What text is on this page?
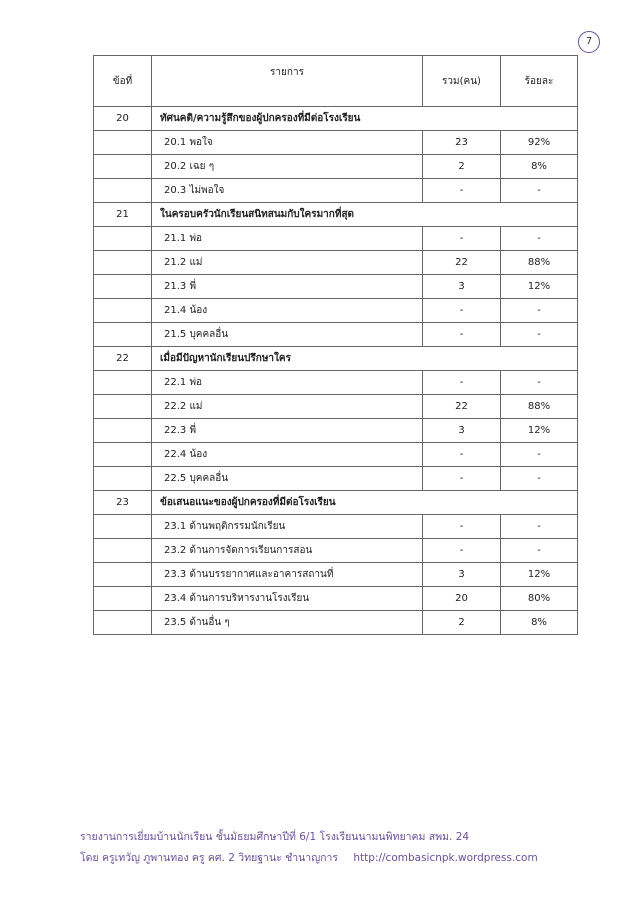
7
ข้อที่	รายการ	รวม(คน)	ร้อยละ
20	ทัศนคติ/ความรู้สึกของผู้ปกครองที่มีต่อโรงเรียน		
	20.1 พอใจ	23	92%
	20.2 เฉย ๆ	2	8%
	20.3 ไม่พอใจ	-	-
21	ในครอบครัวนักเรียนสนิทสนมกับใครมากที่สุด		
	21.1 พ่อ	-	-
	21.2 แม่	22	88%
	21.3 พี่	3	12%
	21.4 น้อง	-	-
	21.5 บุคคลอื่น	-	-
22	เมื่อมีปัญหานักเรียนปรึกษาใคร		
	22.1 พ่อ	-	-
	22.2 แม่	22	88%
	22.3 พี่	3	12%
	22.4 น้อง	-	-
	22.5 บุคคลอื่น	-	-
23	ข้อเสนอแนะของผู้ปกครองที่มีต่อโรงเรียน		
	23.1 ด้านพฤติกรรมนักเรียน	-	-
	23.2 ด้านการจัดการเรียนการสอน	-	-
	23.3 ด้านบรรยากาศและอาคารสถานที่	3	12%
	23.4 ด้านการบริหารงานโรงเรียน	20	80%
	23.5 ด้านอื่น ๆ	2	8%
รายงานการเยี่ยมบ้านนักเรียน ชั้นมัธยมศึกษาปีที่ 6/1 โรงเรียนนามนพิทยาคม สพม. 24
โดย ครูเทวัญ ภูพานทอง ครู คศ. 2 วิทยฐานะ ชำนาญการ http://combasicnpk.wordpress.com
